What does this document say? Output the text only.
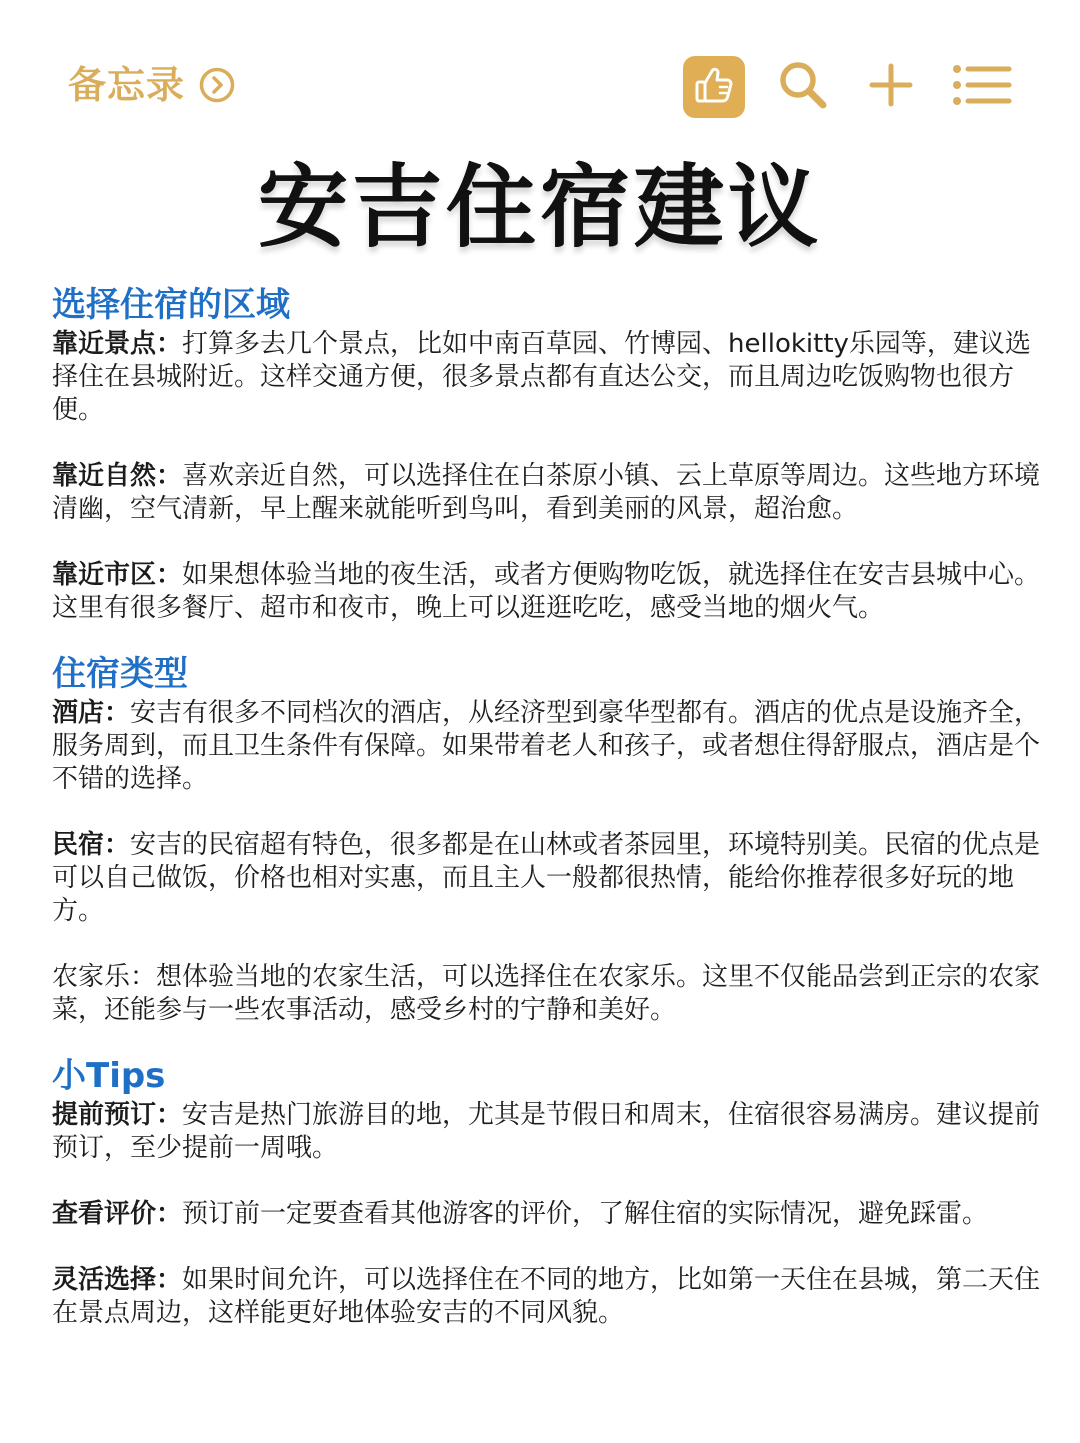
备忘录
安吉住宿建议
选择住宿的区域

靠近景点：打算多去几个景点，比如中南百草园、竹博园、hellokitty乐园等，建议选择住在县城附近。这样交通方便，很多景点都有直达公交，而且周边吃饭购物也很方便。

靠近自然：喜欢亲近自然，可以选择住在白茶原小镇、云上草原等周边。这些地方环境清幽，空气清新，早上醒来就能听到鸟叫，看到美丽的风景，超治愈。

靠近市区：如果想体验当地的夜生活，或者方便购物吃饭，就选择住在安吉县城中心。这里有很多餐厅、超市和夜市，晚上可以逛逛吃吃，感受当地的烟火气。

住宿类型

酒店：安吉有很多不同档次的酒店，从经济型到豪华型都有。酒店的优点是设施齐全，服务周到，而且卫生条件有保障。如果带着老人和孩子，或者想住得舒服点，酒店是个不错的选择。

民宿：安吉的民宿超有特色，很多都是在山林或者茶园里，环境特别美。民宿的优点是可以自己做饭，价格也相对实惠，而且主人一般都很热情，能给你推荐很多好玩的地方。

农家乐：想体验当地的农家生活，可以选择住在农家乐。这里不仅能品尝到正宗的农家菜，还能参与一些农事活动，感受乡村的宁静和美好。

小Tips

提前预订：安吉是热门旅游目的地，尤其是节假日和周末，住宿很容易满房。建议提前预订，至少提前一周哦。

查看评价：预订前一定要查看其他游客的评价，了解住宿的实际情况，避免踩雷。

灵活选择：如果时间允许，可以选择住在不同的地方，比如第一天住在县城，第二天住在景点周边，这样能更好地体验安吉的不同风貌。
